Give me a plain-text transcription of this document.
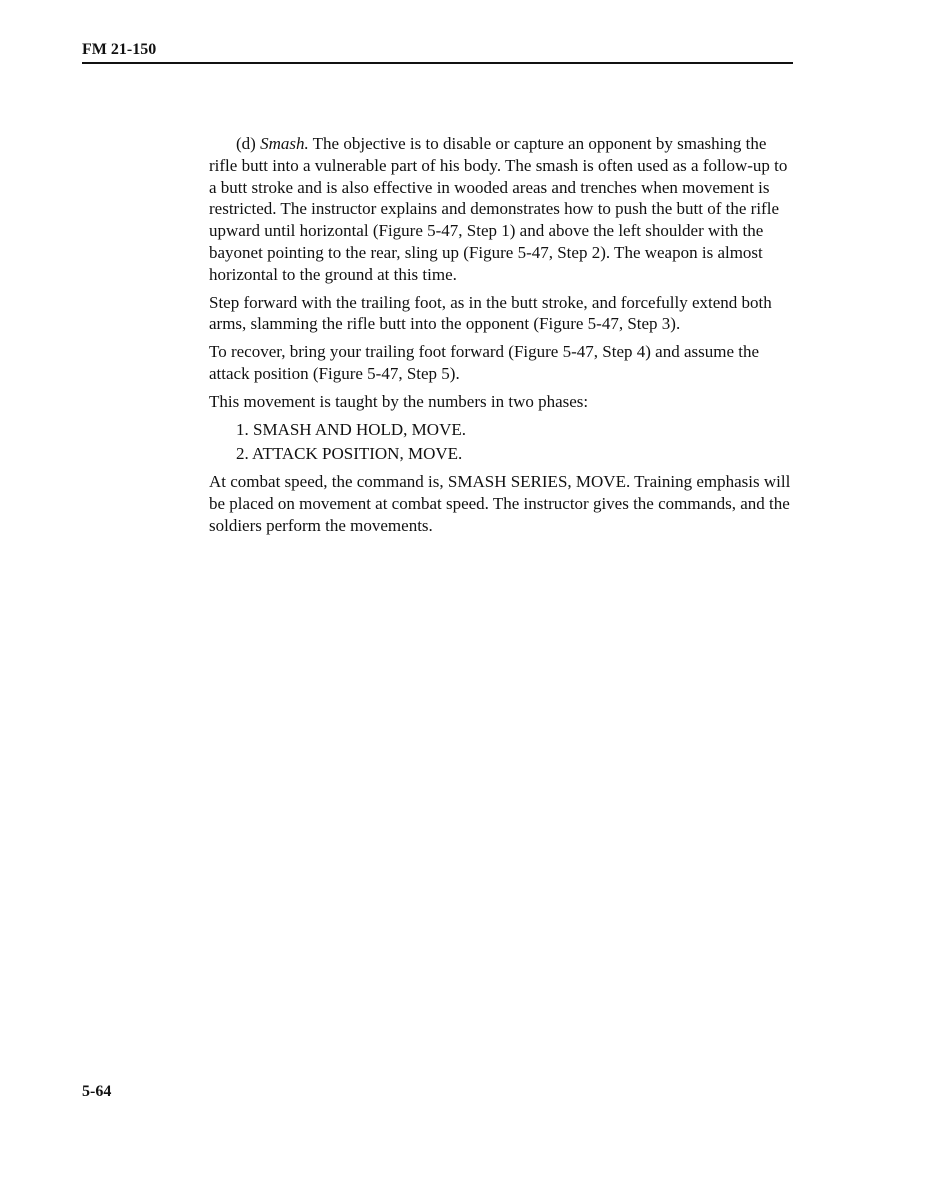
FM 21-150

(d) Smash. The objective is to disable or capture an opponent by smashing the rifle butt into a vulnerable part of his body. The smash is often used as a follow-up to a butt stroke and is also effective in wooded areas and trenches when movement is restricted. The instructor explains and demonstrates how to push the butt of the rifle upward until horizontal (Figure 5-47, Step 1) and above the left shoulder with the bayonet pointing to the rear, sling up (Figure 5-47, Step 2). The weapon is almost horizontal to the ground at this time.

Step forward with the trailing foot, as in the butt stroke, and forcefully extend both arms, slamming the rifle butt into the opponent (Figure 5-47, Step 3).

To recover, bring your trailing foot forward (Figure 5-47, Step 4) and assume the attack position (Figure 5-47, Step 5).

This movement is taught by the numbers in two phases:

1. SMASH AND HOLD, MOVE.
2. ATTACK POSITION, MOVE.

At combat speed, the command is, SMASH SERIES, MOVE. Training emphasis will be placed on movement at combat speed. The instructor gives the commands, and the soldiers perform the movements.

5-64
